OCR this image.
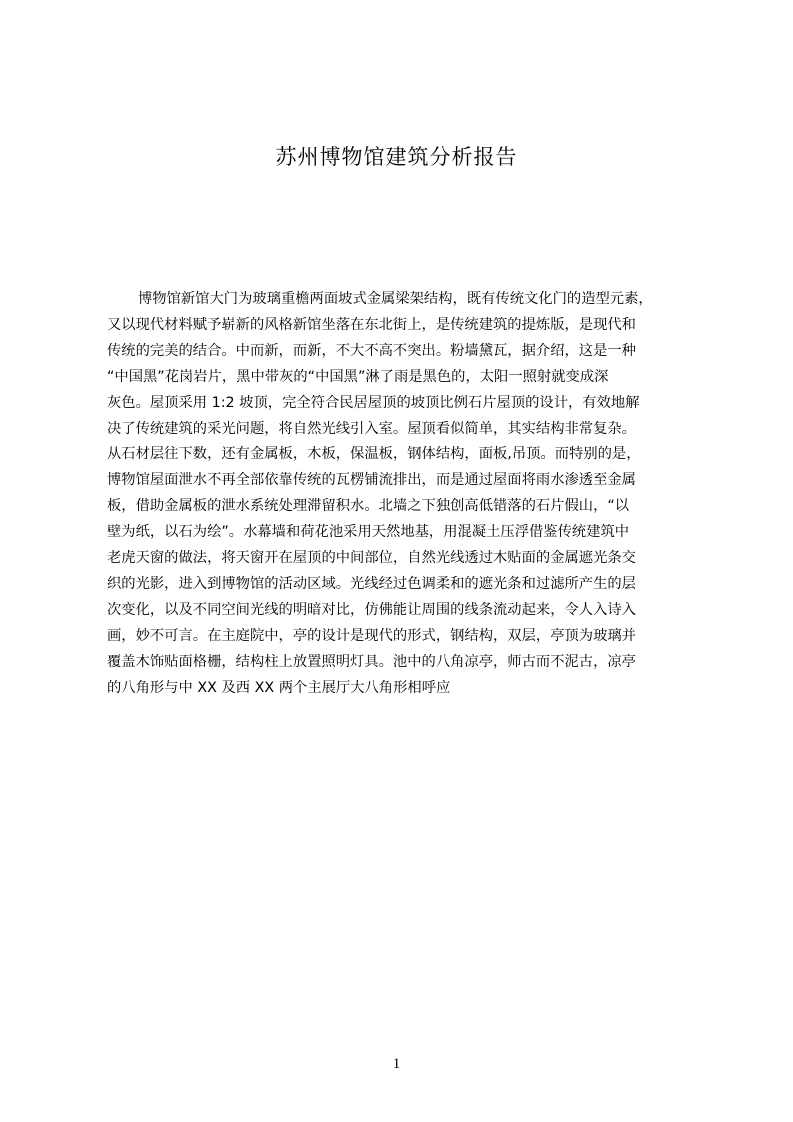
苏州博物馆建筑分析报告
博物馆新馆大门为玻璃重檐两面坡式金属梁架结构，既有传统文化门的造型元素，
又以现代材料赋予崭新的风格新馆坐落在东北街上，是传统建筑的提炼版，是现代和
传统的完美的结合。中而新，而新，不大不高不突出。粉墙黛瓦，据介绍，这是一种
“中国黑”花岗岩片，黑中带灰的“中国黑”淋了雨是黑色的，太阳一照射就变成深
灰色。屋顶采用 1:2 坡顶，完全符合民居屋顶的坡顶比例石片屋顶的设计，有效地解
决了传统建筑的采光问题，将自然光线引入室。屋顶看似简单，其实结构非常复杂。
从石材层往下数，还有金属板，木板，保温板，钢体结构，面板,吊顶。而特别的是，
博物馆屋面泄水不再全部依靠传统的瓦楞铺流排出，而是通过屋面将雨水渗透至金属
板，借助金属板的泄水系统处理滞留积水。北墙之下独创高低错落的石片假山，“以
壁为纸，以石为绘”。水幕墙和荷花池采用天然地基，用混凝土压浮借鉴传统建筑中
老虎天窗的做法，将天窗开在屋顶的中间部位，自然光线透过木贴面的金属遮光条交
织的光影，进入到博物馆的活动区域。光线经过色调柔和的遮光条和过滤所产生的层
次变化，以及不同空间光线的明暗对比，仿佛能让周围的线条流动起来，令人入诗入
画，妙不可言。在主庭院中，亭的设计是现代的形式，钢结构，双层，亭顶为玻璃并
覆盖木饰贴面格栅，结构柱上放置照明灯具。池中的八角凉亭，师古而不泥古，凉亭
的八角形与中 XX 及西 XX 两个主展厅大八角形相呼应
1
